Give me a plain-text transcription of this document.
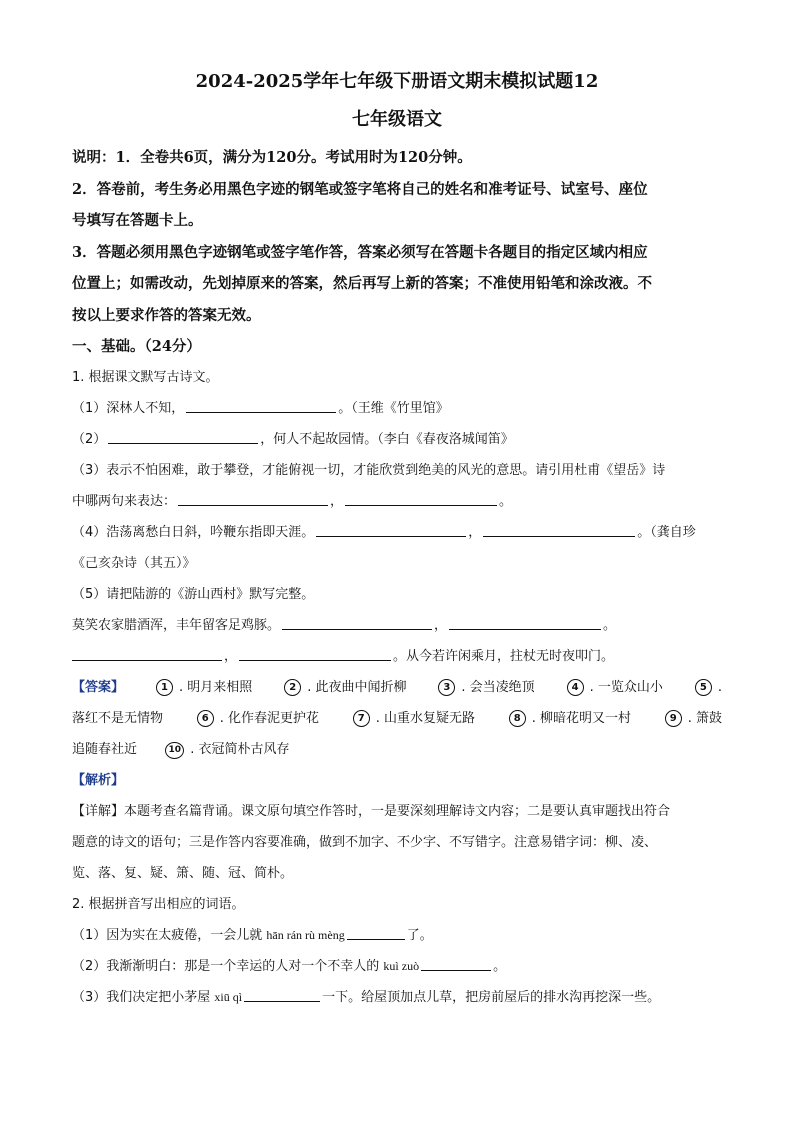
2024-2025学年七年级下册语文期末模拟试题12
七年级语文
说明：1．全卷共6页，满分为120分。考试用时为120分钟。
2．答卷前，考生务必用黑色字迹的钢笔或签字笔将自己的姓名和准考证号、试室号、座位
号填写在答题卡上。
3．答题必须用黑色字迹钢笔或签字笔作答，答案必须写在答题卡各题目的指定区域内相应
位置上；如需改动，先划掉原来的答案，然后再写上新的答案；不准使用铅笔和涂改液。不
按以上要求作答的答案无效。
一、基础。（24分）
1. 根据课文默写古诗文。
（1）深林人不知，	。（王维《竹里馆》
（2）	，何人不起故园情。（李白《春夜洛城闻笛》
（3）表示不怕困难，敢于攀登，才能俯视一切，才能欣赏到绝美的风光的意思。请引用杜甫《望岳》诗
中哪两句来表达：	，	。
（4）浩荡离愁白日斜，吟鞭东指即天涯。	，	。（龚自珍
《己亥杂诗（其五）》
（5）请把陆游的《游山西村》默写完整。
莫笑农家腊酒浑，丰年留客足鸡豚。	，	。
，	。从今若许闲乘月，拄杖无时夜叩门。
【答案】	1 . 明月来相照	2 . 此夜曲中闻折柳	3 . 会当凌绝顶	4 . 一览众山小	5 .
落红不是无情物	6 . 化作春泥更护花	7 . 山重水复疑无路	8 . 柳暗花明又一村	9 . 箫鼓
追随春社近	10 . 衣冠简朴古风存
【解析】
【详解】本题考查名篇背诵。课文原句填空作答时，一是要深刻理解诗文内容；二是要认真审题找出符合
题意的诗文的语句；三是作答内容要准确，做到不加字、不少字、不写错字。注意易错字词：柳、凌、
览、落、复、疑、箫、随、冠、简朴。
2. 根据拼音写出相应的词语。
（1）因为实在太疲倦，一会儿就 hān rán rù mèng	了。
（2）我渐渐明白：那是一个幸运的人对一个不幸人的 kuì zuò	。
（3）我们决定把小茅屋 xiū qì	一下。给屋顶加点儿草，把房前屋后的排水沟再挖深一些。
